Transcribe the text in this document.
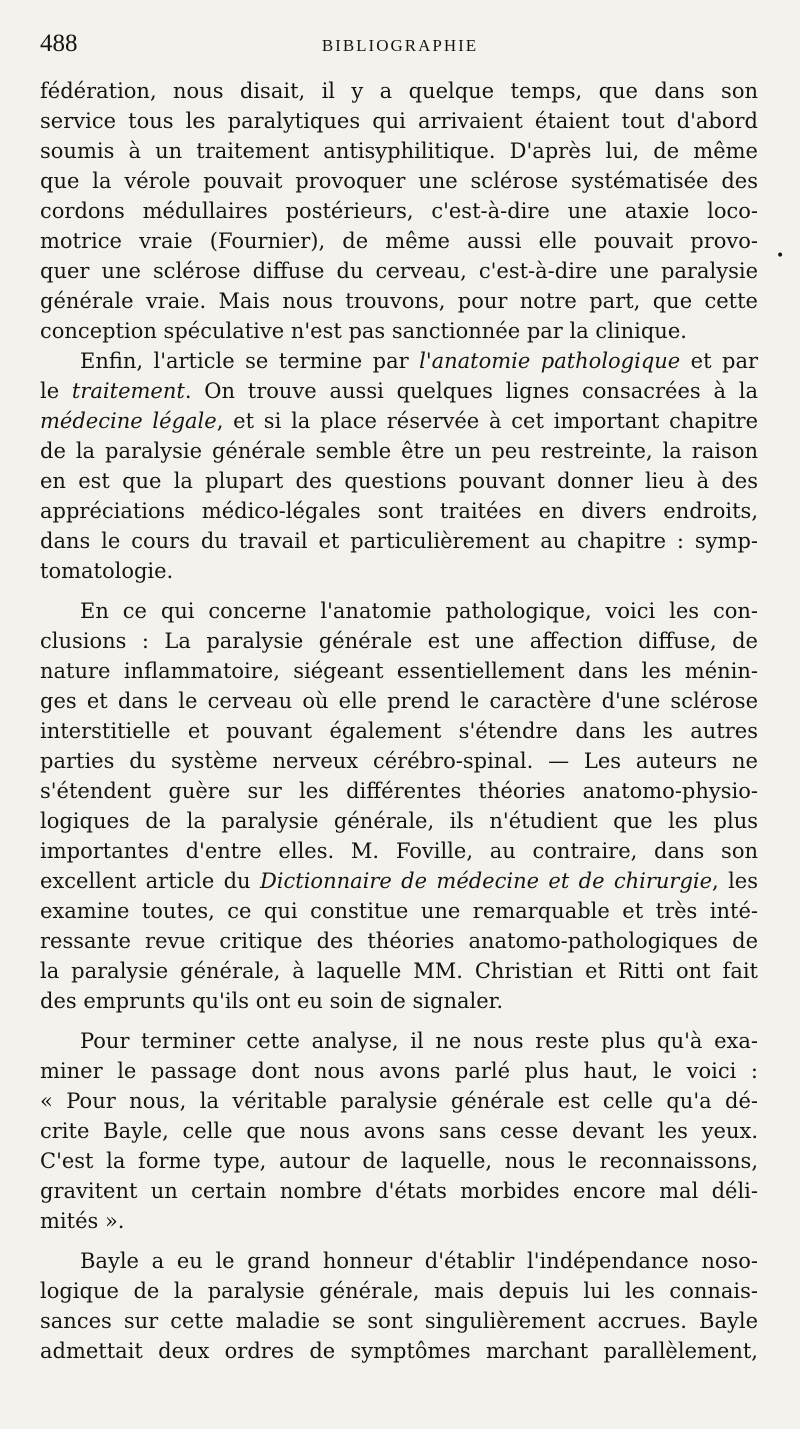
488	BIBLIOGRAPHIE
•
fédération, nous disait, il y a quelque temps, que dans son
service tous les paralytiques qui arrivaient étaient tout d'abord
soumis à un traitement antisyphilitique. D'après lui, de même
que la vérole pouvait provoquer une sclérose systématisée des
cordons médullaires postérieurs, c'est-à-dire une ataxie loco-
motrice vraie (Fournier), de même aussi elle pouvait provo-
quer une sclérose diffuse du cerveau, c'est-à-dire une paralysie
générale vraie. Mais nous trouvons, pour notre part, que cette
conception spéculative n'est pas sanctionnée par la clinique.
Enfin, l'article se termine par l'anatomie pathologique et par
le traitement. On trouve aussi quelques lignes consacrées à la
médecine légale, et si la place réservée à cet important chapitre
de la paralysie générale semble être un peu restreinte, la raison
en est que la plupart des questions pouvant donner lieu à des
appréciations médico-légales sont traitées en divers endroits,
dans le cours du travail et particulièrement au chapitre : symp-
tomatologie.
En ce qui concerne l'anatomie pathologique, voici les con-
clusions : La paralysie générale est une affection diffuse, de
nature inflammatoire, siégeant essentiellement dans les ménin-
ges et dans le cerveau où elle prend le caractère d'une sclérose
interstitielle et pouvant également s'étendre dans les autres
parties du système nerveux cérébro-spinal. — Les auteurs ne
s'étendent guère sur les différentes théories anatomo-physio-
logiques de la paralysie générale, ils n'étudient que les plus
importantes d'entre elles. M. Foville, au contraire, dans son
excellent article du Dictionnaire de médecine et de chirurgie, les
examine toutes, ce qui constitue une remarquable et très inté-
ressante revue critique des théories anatomo-pathologiques de
la paralysie générale, à laquelle MM. Christian et Ritti ont fait
des emprunts qu'ils ont eu soin de signaler.
Pour terminer cette analyse, il ne nous reste plus qu'à exa-
miner le passage dont nous avons parlé plus haut, le voici :
« Pour nous, la véritable paralysie générale est celle qu'a dé-
crite Bayle, celle que nous avons sans cesse devant les yeux.
C'est la forme type, autour de laquelle, nous le reconnaissons,
gravitent un certain nombre d'états morbides encore mal déli-
mités ».
Bayle a eu le grand honneur d'établir l'indépendance noso-
logique de la paralysie générale, mais depuis lui les connais-
sances sur cette maladie se sont singulièrement accrues. Bayle
admettait deux ordres de symptômes marchant parallèlement,
